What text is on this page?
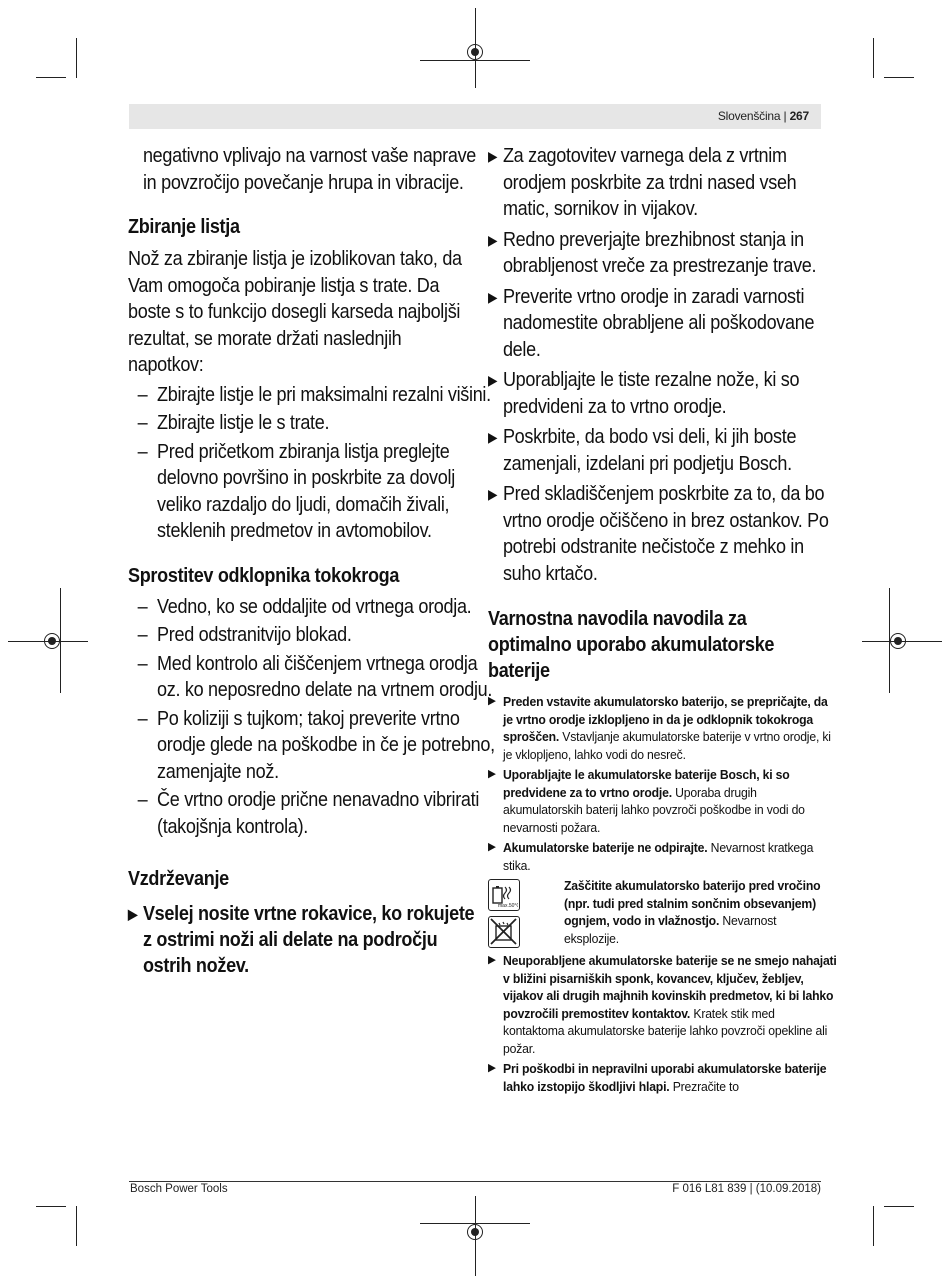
Slovenščina | 267

negativno vplivajo na varnost vaše naprave in povzročijo povečanje hrupa in vibracije.

Zbiranje listja

Nož za zbiranje listja je izoblikovan tako, da Vam omogoča pobiranje listja s trate. Da boste s to funkcijo dosegli karseda najboljši rezultat, se morate držati naslednjih napotkov:

– Zbirajte listje le pri maksimalni rezalni višini.
– Zbirajte listje le s trate.
– Pred pričetkom zbiranja listja preglejte delovno površino in poskrbite za dovolj veliko razdaljo do ljudi, domačih živali, steklenih predmetov in avtomobilov.

Sprostitev odklopnika tokokroga

– Vedno, ko se oddaljite od vrtnega orodja.
– Pred odstranitvijo blokad.
– Med kontrolo ali čiščenjem vrtnega orodja oz. ko neposredno delate na vrtnem orodju.
– Po koliziji s tujkom; takoj preverite vrtno orodje glede na poškodbe in če je potrebno, zamenjajte nož.
– Če vrtno orodje prične nenavadno vibrirati (takojšnja kontrola).

Vzdrževanje

▶ Vselej nosite vrtne rokavice, ko rokujete z ostrimi noži ali delate na področju ostrih nožev.
▶ Za zagotovitev varnega dela z vrtnim orodjem poskrbite za trdni nased vseh matic, sornikov in vijakov.
▶ Redno preverjajte brezhibnost stanja in obrabljenost vreče za prestrezanje trave.
▶ Preverite vrtno orodje in zaradi varnosti nadomestite obrabljene ali poškodovane dele.
▶ Uporabljajte le tiste rezalne nože, ki so predvideni za to vrtno orodje.
▶ Poskrbite, da bodo vsi deli, ki jih boste zamenjali, izdelani pri podjetju Bosch.
▶ Pred skladiščenjem poskrbite za to, da bo vrtno orodje očiščeno in brez ostankov. Po potrebi odstranite nečistoče z mehko in suho krtačo.

Varnostna navodila navodila za optimalno uporabo akumulatorske baterije

▶ Preden vstavite akumulatorsko baterijo, se prepričajte, da je vrtno orodje izklopljeno in da je odklopnik tokokroga sproščen. Vstavljanje akumulatorske baterije v vrtno orodje, ki je vklopljeno, lahko vodi do nesreč.
▶ Uporabljajte le akumulatorske baterije Bosch, ki so predvidene za to vrtno orodje. Uporaba drugih akumulatorskih baterij lahko povzroči poškodbe in vodi do nevarnosti požara.
▶ Akumulatorske baterije ne odpirajte. Nevarnost kratkega stika.
max.50°C
Zaščitite akumulatorsko baterijo pred vročino (npr. tudi pred stalnim sončnim obsevanjem) ognjem, vodo in vlažnostjo. Nevarnost eksplozije.
▶ Neuporabljene akumulatorske baterije se ne smejo nahajati v bližini pisarniških sponk, kovancev, ključev, žebljev, vijakov ali drugih majhnih kovinskih predmetov, ki bi lahko povzročili premostitev kontaktov. Kratek stik med kontaktoma akumulatorske baterije lahko povzroči opekline ali požar.
▶ Pri poškodbi in nepravilni uporabi akumulatorske baterije lahko izstopijo škodljivi hlapi. Prezračite to
Bosch Power Tools	F 016 L81 839 | (10.09.2018)
